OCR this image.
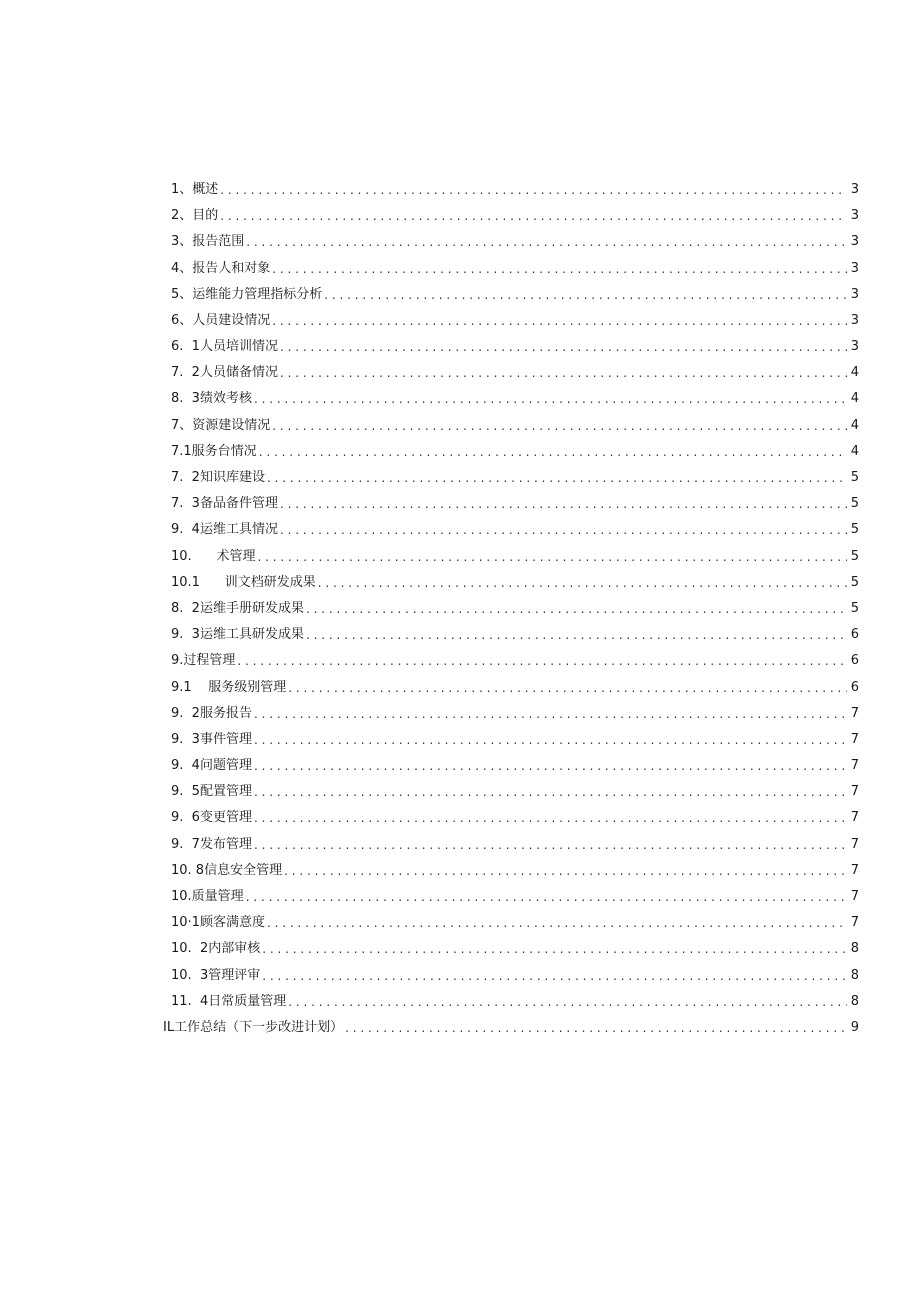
1、概述 . . .	3
2、目的 . . .	3
3、报告范围 . . .	3
4、报告人和对象 . . .	3
5、运维能力管理指标分析 . . .	3
6、人员建设情况 . . .	3
6.  1人员培训情况 . . .	3
7.  2人员储备情况 . . .	4
8.  3绩效考核 . . .	4
7、资源建设情况 . . .	4
7.1服务台情况 . . .	4
7.  2知识库建设 . . .	5
7.  3备品备件管理 . . .	5
9.  4运维工具情况 . . .	5
10.      术管理 . . .	5
10.1      训文档研发成果 . . .	5
8.  2运维手册研发成果 . . .	5
9.  3运维工具研发成果 . . .	6
9.过程管理 . . .	6
9.1    服务级别管理 . . .	6
9.  2服务报告 . . .	7
9.  3事件管理 . . .	7
9.  4问题管理 . . .	7
9.  5配置管理 . . .	7
9.  6变更管理 . . .	7
9.  7发布管理 . . .	7
10. 8信息安全管理 . . .	7
10.质量管理 . . .	7
10·1顾客满意度 . . .	7
10.  2内部审核 . . .	8
10.  3管理评审 . . .	8
11.  4日常质量管理 . . .	8
IL工作总结（下一步改进计划） . . .	9
